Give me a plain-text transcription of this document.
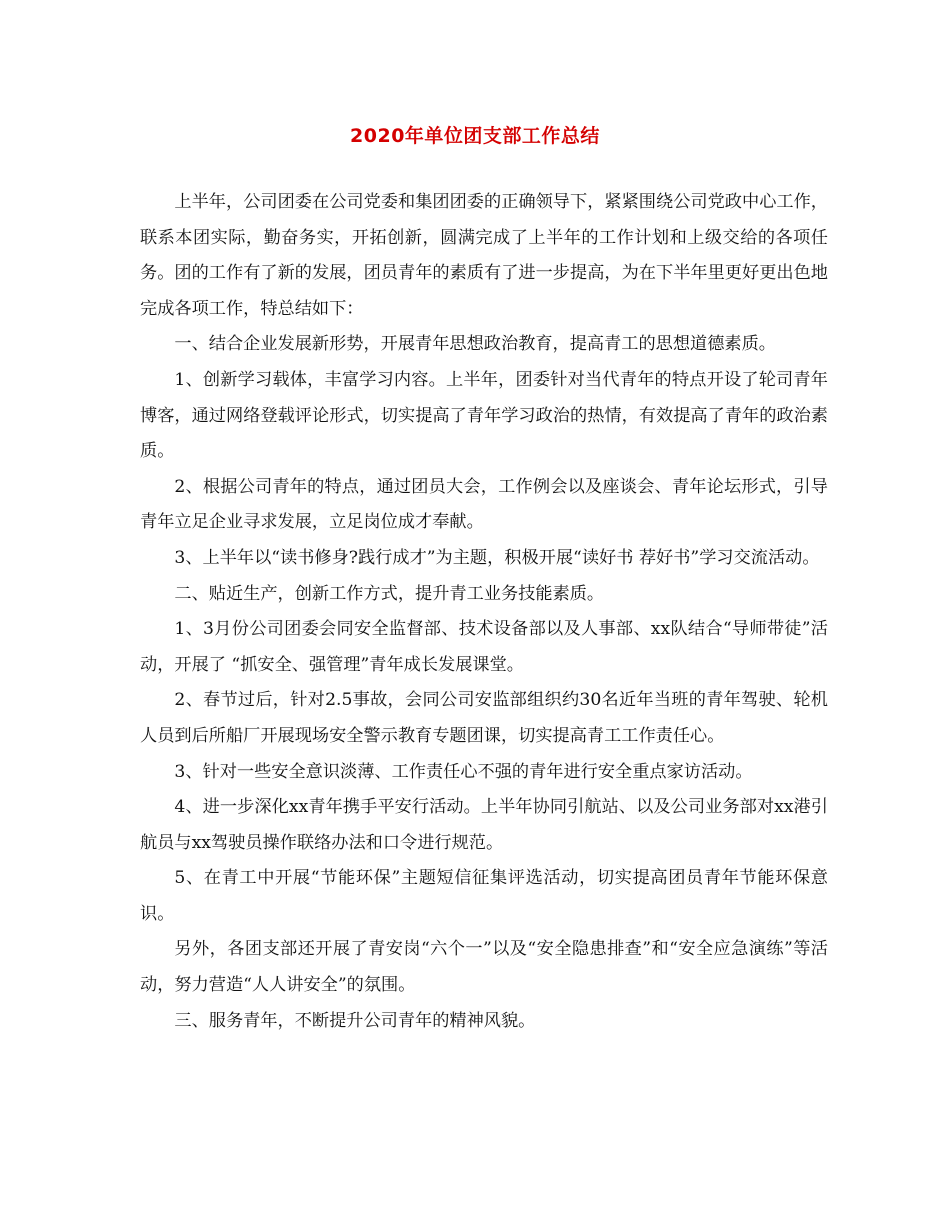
2020年单位团支部工作总结

上半年，公司团委在公司党委和集团团委的正确领导下，紧紧围绕公司党政中心工作，联系本团实际，勤奋务实，开拓创新，圆满完成了上半年的工作计划和上级交给的各项任务。团的工作有了新的发展，团员青年的素质有了进一步提高，为在下半年里更好更出色地完成各项工作，特总结如下：

一、结合企业发展新形势，开展青年思想政治教育，提高青工的思想道德素质。

1、创新学习载体，丰富学习内容。上半年，团委针对当代青年的特点开设了轮司青年博客，通过网络登载评论形式，切实提高了青年学习政治的热情，有效提高了青年的政治素质。

2、根据公司青年的特点，通过团员大会，工作例会以及座谈会、青年论坛形式，引导青年立足企业寻求发展，立足岗位成才奉献。

3、上半年以“读书修身?践行成才”为主题，积极开展“读好书 荐好书”学习交流活动。

二、贴近生产，创新工作方式，提升青工业务技能素质。

1、3月份公司团委会同安全监督部、技术设备部以及人事部、xx队结合“导师带徒”活动，开展了 “抓安全、强管理”青年成长发展课堂。

2、春节过后，针对2.5事故，会同公司安监部组织约30名近年当班的青年驾驶、轮机人员到后所船厂开展现场安全警示教育专题团课，切实提高青工工作责任心。

3、针对一些安全意识淡薄、工作责任心不强的青年进行安全重点家访活动。

4、进一步深化xx青年携手平安行活动。上半年协同引航站、以及公司业务部对xx港引航员与xx驾驶员操作联络办法和口令进行规范。

5、在青工中开展“节能环保”主题短信征集评选活动，切实提高团员青年节能环保意识。

另外，各团支部还开展了青安岗“六个一”以及“安全隐患排查”和“安全应急演练”等活动，努力营造“人人讲安全”的氛围。

三、服务青年，不断提升公司青年的精神风貌。
